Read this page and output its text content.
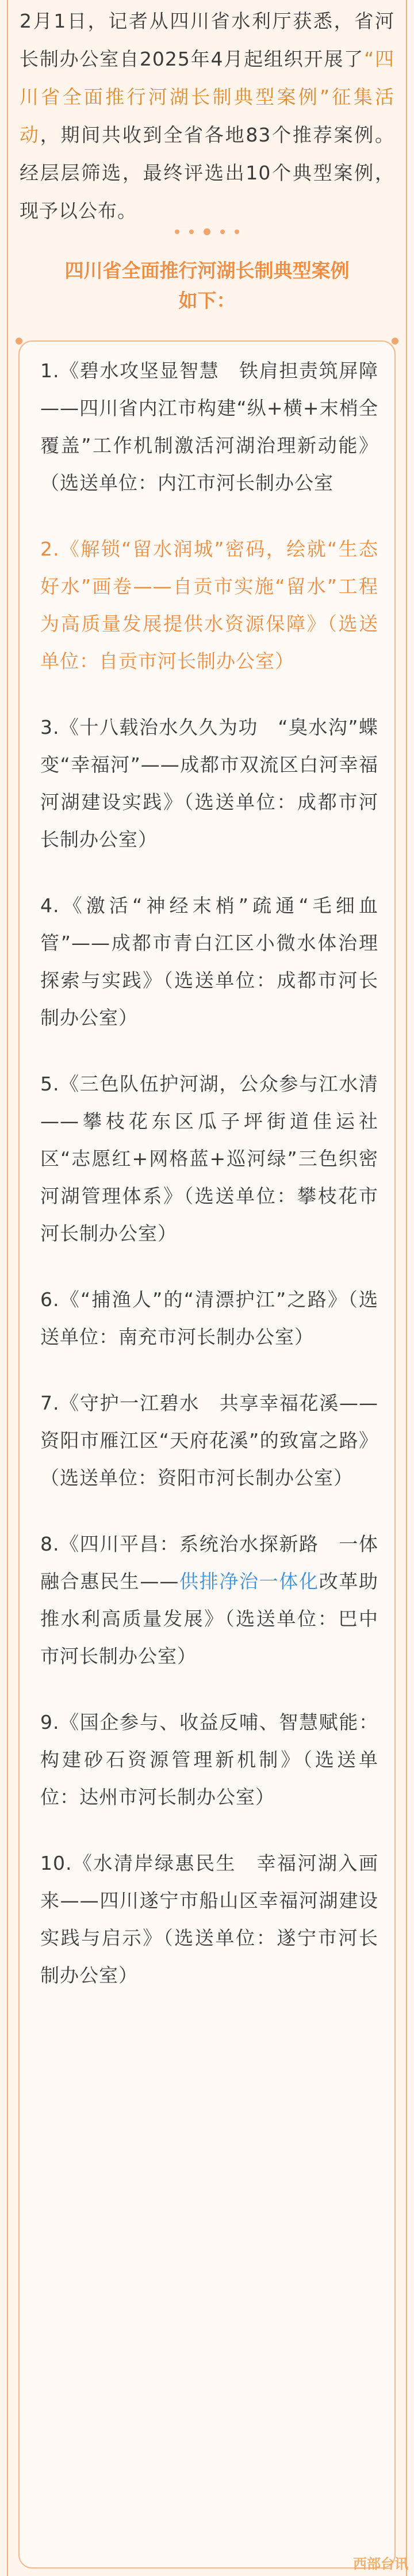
2月1日，记者从四川省水利厅获悉，省河长制办公室自2025年4月起组织开展了“四川省全面推行河湖长制典型案例”征集活动，期间共收到全省各地83个推荐案例。经层层筛选，最终评选出10个典型案例，现予以公布。

四川省全面推行河湖长制典型案例
如下：
1.《碧水攻坚显智慧　铁肩担责筑屏障——四川省内江市构建“纵+横+末梢全覆盖”工作机制激活河湖治理新动能》（选送单位：内江市河长制办公室
2.《解锁“留水润城”密码，绘就“生态好水”画卷——自贡市实施“留水”工程为高质量发展提供水资源保障》（选送单位：自贡市河长制办公室）
3.《十八载治水久久为功　“臭水沟”蝶变“幸福河”——成都市双流区白河幸福河湖建设实践》（选送单位：成都市河长制办公室）
4.《激活“神经末梢”疏通“毛细血管”——成都市青白江区小微水体治理探索与实践》（选送单位：成都市河长制办公室）
5.《三色队伍护河湖，公众参与江水清——攀枝花东区瓜子坪街道佳运社区“志愿红+网格蓝+巡河绿”三色织密河湖管理体系》（选送单位：攀枝花市河长制办公室）
6.《“捕渔人”的“清漂护江”之路》（选送单位：南充市河长制办公室）
7.《守护一江碧水　共享幸福花溪——资阳市雁江区“天府花溪”的致富之路》（选送单位：资阳市河长制办公室）
8.《四川平昌：系统治水探新路　一体融合惠民生——供排净治一体化改革助推水利高质量发展》（选送单位：巴中市河长制办公室）
9.《国企参与、收益反哺、智慧赋能：构建砂石资源管理新机制》（选送单位：达州市河长制办公室）
10.《水清岸绿惠民生　幸福河湖入画来——四川遂宁市船山区幸福河湖建设实践与启示》（选送单位：遂宁市河长制办公室）
西部台讯
